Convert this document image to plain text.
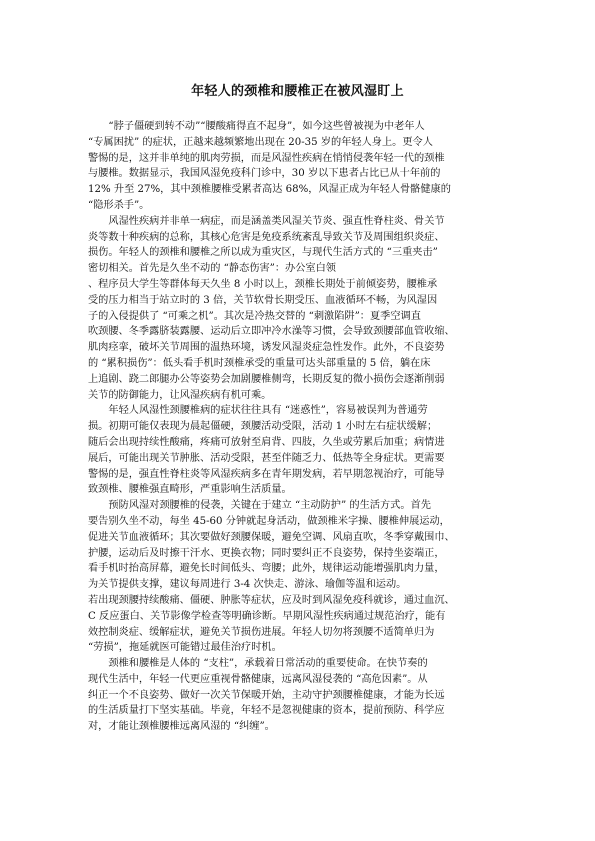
年轻人的颈椎和腰椎正在被风湿盯上

“脖子僵硬到转不动”“腰酸痛得直不起身”，如今这些曾被视为中老年人

“专属困扰” 的症状，正越来越频繁地出现在 20-35 岁的年轻人身上。更令人

警惕的是，这并非单纯的肌肉劳损，而是风湿性疾病在悄悄侵袭年轻一代的颈椎

与腰椎。数据显示，我国风湿免疫科门诊中，30 岁以下患者占比已从十年前的

12% 升至 27%，其中颈椎腰椎受累者高达 68%，风湿正成为年轻人骨骼健康的

“隐形杀手”。

风湿性疾病并非单一病症，而是涵盖类风湿关节炎、强直性脊柱炎、骨关节

炎等数十种疾病的总称，其核心危害是免疫系统紊乱导致关节及周围组织炎症、

损伤。年轻人的颈椎和腰椎之所以成为重灾区，与现代生活方式的 “三重夹击”

密切相关。首先是久坐不动的 “静态伤害”：办公室白领

、程序员大学生等群体每天久坐 8 小时以上，颈椎长期处于前倾姿势，腰椎承

受的压力相当于站立时的 3 倍，关节软骨长期受压、血液循环不畅，为风湿因

子的入侵提供了 “可乘之机”。其次是冷热交替的 “刺激陷阱”：夏季空调直

吹颈腰、冬季露脐装露腰、运动后立即冲冷水澡等习惯，会导致颈腰部血管收缩、

肌肉痉挛，破坏关节周围的温热环境，诱发风湿炎症急性发作。此外，不良姿势

的 “累积损伤”：低头看手机时颈椎承受的重量可达头部重量的 5 倍，躺在床

上追剧、跷二郎腿办公等姿势会加剧腰椎侧弯，长期反复的微小损伤会逐渐削弱

关节的防御能力，让风湿疾病有机可乘。

年轻人风湿性颈腰椎病的症状往往具有 “迷惑性”，容易被误判为普通劳

损。初期可能仅表现为晨起僵硬，颈腰活动受限，活动 1 小时左右症状缓解；

随后会出现持续性酸痛，疼痛可放射至肩背、四肢，久坐或劳累后加重；病情进

展后，可能出现关节肿胀、活动受限，甚至伴随乏力、低热等全身症状。更需要

警惕的是，强直性脊柱炎等风湿疾病多在青年期发病，若早期忽视治疗，可能导

致颈椎、腰椎强直畸形，严重影响生活质量。

预防风湿对颈腰椎的侵袭，关键在于建立 “主动防护” 的生活方式。首先

要告别久坐不动，每坐 45-60 分钟就起身活动，做颈椎米字操、腰椎伸展运动，

促进关节血液循环；其次要做好颈腰保暖，避免空调、风扇直吹，冬季穿戴围巾、

护腰，运动后及时擦干汗水、更换衣物；同时要纠正不良姿势，保持坐姿端正，

看手机时抬高屏幕，避免长时间低头、弯腰；此外，规律运动能增强肌肉力量，

为关节提供支撑，建议每周进行 3-4 次快走、游泳、瑜伽等温和运动。

若出现颈腰持续酸痛、僵硬、肿胀等症状，应及时到风湿免疫科就诊，通过血沉、

C 反应蛋白、关节影像学检查等明确诊断。早期风湿性疾病通过规范治疗，能有

效控制炎症、缓解症状，避免关节损伤进展。年轻人切勿将颈腰不适简单归为

“劳损”，拖延就医可能错过最佳治疗时机。

颈椎和腰椎是人体的 “支柱”，承载着日常活动的重要使命。在快节奏的

现代生活中，年轻一代更应重视骨骼健康，远离风湿侵袭的 “高危因素”。从

纠正一个不良姿势、做好一次关节保暖开始，主动守护颈腰椎健康，才能为长远

的生活质量打下坚实基础。毕竟，年轻不是忽视健康的资本，提前预防、科学应

对，才能让颈椎腰椎远离风湿的 “纠缠”。
